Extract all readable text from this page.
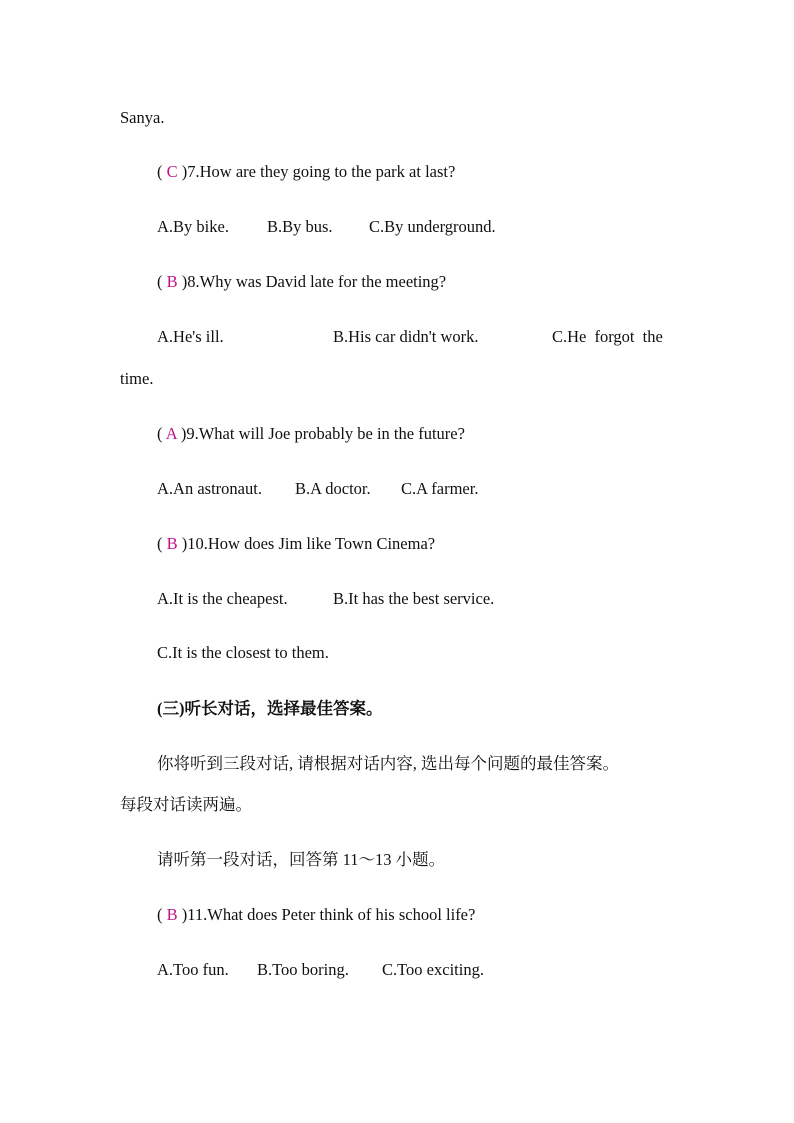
Sanya.
( C )7.How are they going to the park at last?
A.By bike. B.By bus. C.By underground.
( B )8.Why was David late for the meeting?
A.He's ill.	B.His car didn't work.	C.He forgot the
time.
( A )9.What will Joe probably be in the future?
A.An astronaut. B.A doctor. C.A farmer.
( B )10.How does Jim like Town Cinema?
A.It is the cheapest.	B.It has the best service.
C.It is the closest to them.
(三)听长对话，选择最佳答案。
你将听到三段对话, 请根据对话内容, 选出每个问题的最佳答案。
每段对话读两遍。
请听第一段对话，回答第 11～13 小题。
( B )11.What does Peter think of his school life?
A.Too fun. B.Too boring. C.Too exciting.
